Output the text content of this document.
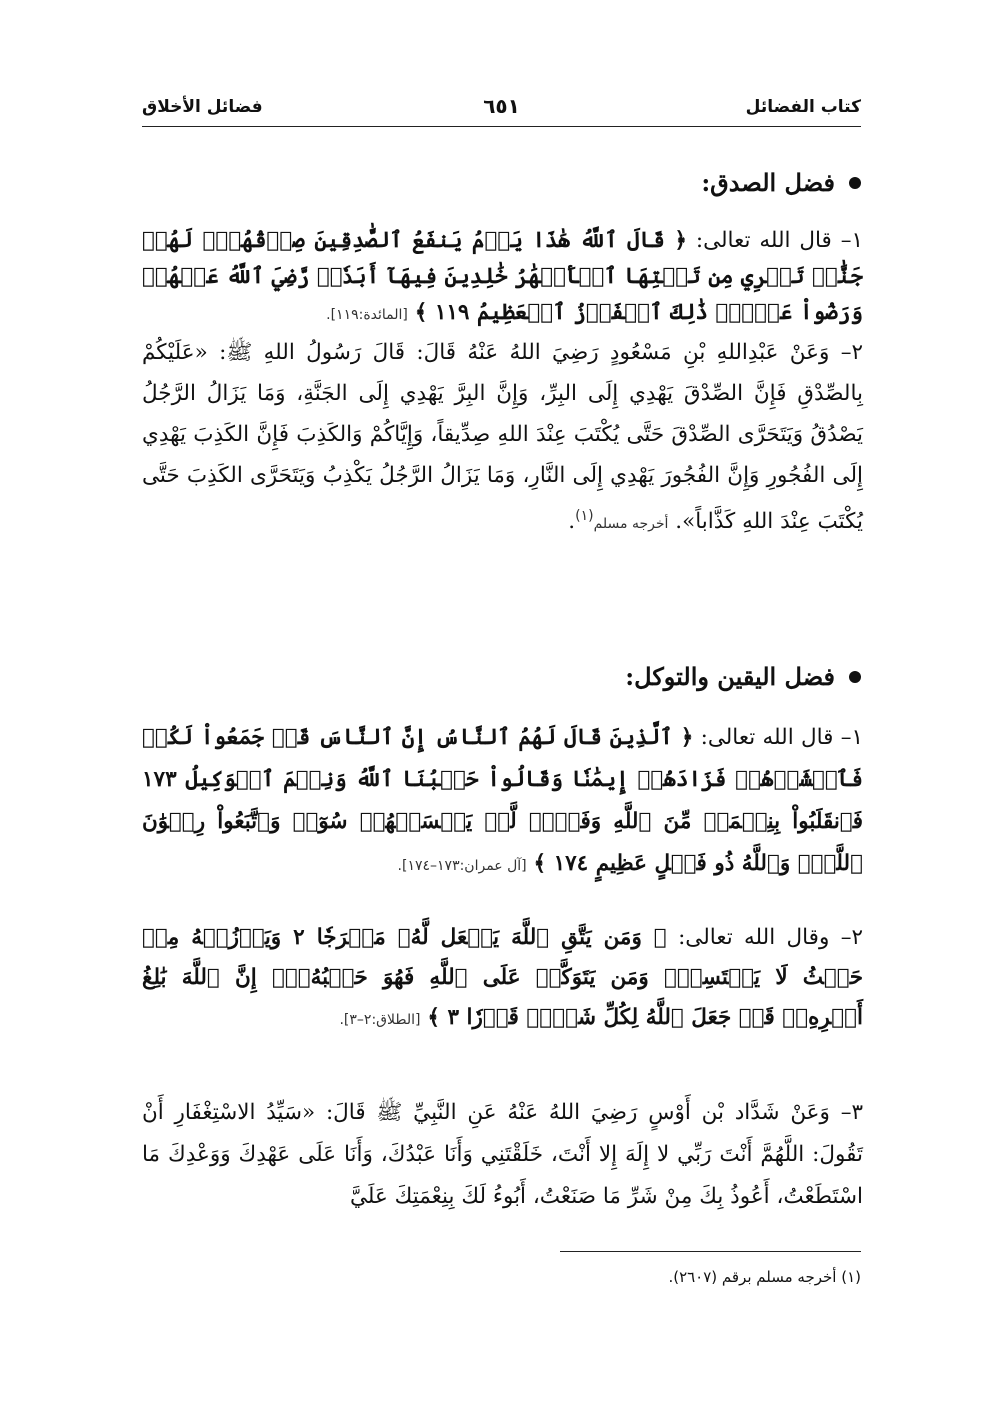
كتاب الفضائل
٦٥١
فضائل الأخلاق
فضل الصدق:
١– قال الله تعالى: ﴿ قَالَ ٱللَّهُ هَٰذَا يَوۡمُ يَنفَعُ ٱلصَّٰدِقِينَ صِدۡقُهُمۡۚ لَهُمۡ جَنَّٰتٞ تَجۡرِي مِن تَحۡتِهَا ٱلۡأَنۡهَٰرُ خَٰلِدِينَ فِيهَآ أَبَدٗاۖ رَّضِيَ ٱللَّهُ عَنۡهُمۡ وَرَضُواْ عَنۡهُۚ ذَٰلِكَ ٱلۡفَوۡزُ ٱلۡعَظِيمُ ١١٩ ﴾ [المائدة:١١٩].
٢– وَعَنْ عَبْدِاللهِ بْنِ مَسْعُودٍ رَضِيَ اللهُ عَنْهُ قَالَ: قَالَ رَسُولُ اللهِ ﷺ: «عَلَيْكُمْ بِالصِّدْقِ فَإِنَّ الصِّدْقَ يَهْدِي إِلَى البِرِّ، وَإِنَّ البِرَّ يَهْدِي إِلَى الجَنَّةِ، وَمَا يَزَالُ الرَّجُلُ يَصْدُقُ وَيَتَحَرَّى الصِّدْقَ حَتَّى يُكْتَبَ عِنْدَ اللهِ صِدِّيقاً، وَإِيَّاكُمْ وَالكَذِبَ فَإِنَّ الكَذِبَ يَهْدِي إِلَى الفُجُورِ وَإِنَّ الفُجُورَ يَهْدِي إِلَى النَّارِ، وَمَا يَزَالُ الرَّجُلُ يَكْذِبُ وَيَتَحَرَّى الكَذِبَ حَتَّى يُكْتَبَ عِنْدَ اللهِ كَذَّاباً». أخرجه مسلم$^{(١)}$.
فضل اليقين والتوكل:
١– قال الله تعالى: ﴿ ٱلَّذِينَ قَالَ لَهُمُ ٱلنَّاسُ إِنَّ ٱلنَّاسَ قَدۡ جَمَعُواْ لَكُمۡ فَٱخۡشَوۡهُمۡ فَزَادَهُمۡ إِيمَٰنٗا وَقَالُواْ حَسۡبُنَا ٱللَّهُ وَنِعۡمَ ٱلۡوَكِيلُ ١٧٣ فَٱنقَلَبُواْ بِنِعۡمَةٖ مِّنَ ٱللَّهِ وَفَضۡلٖ لَّمۡ يَمۡسَسۡهُمۡ سُوٓءٞ وَٱتَّبَعُواْ رِضۡوَٰنَ ٱللَّهِۗ وَٱللَّهُ ذُو فَضۡلٍ عَظِيمٍ ١٧٤ ﴾ [آل عمران:١٧٣–١٧٤].
٢– وقال الله تعالى: ﴿ وَمَن يَتَّقِ ٱللَّهَ يَجۡعَل لَّهُۥ مَخۡرَجٗا ٢ وَيَرۡزُقۡهُ مِنۡ حَيۡثُ لَا يَحۡتَسِبُۚ وَمَن يَتَوَكَّلۡ عَلَى ٱللَّهِ فَهُوَ حَسۡبُهُۥٓۚ إِنَّ ٱللَّهَ بَٰلِغُ أَمۡرِهِۦۚ قَدۡ جَعَلَ ٱللَّهُ لِكُلِّ شَيۡءٖ قَدۡرٗا ٣ ﴾ [الطلاق:٢–٣].
٣– وَعَنْ شَدَّاد بْن أَوْسٍ رَضِيَ اللهُ عَنْهُ عَنِ النَّبِيِّ ﷺ قَالَ: «سَيِّدُ الاسْتِغْفَارِ أَنْ تَقُولَ: اللَّهُمَّ أَنْتَ رَبِّي لا إِلَهَ إِلا أَنْتَ، خَلَقْتَنِي وَأَنَا عَبْدُكَ، وَأَنَا عَلَى عَهْدِكَ وَوَعْدِكَ مَا اسْتَطَعْتُ، أَعُوذُ بِكَ مِنْ شَرِّ مَا صَنَعْتُ، أَبُوءُ لَكَ بِنِعْمَتِكَ عَلَيَّ
(١) أخرجه مسلم برقم (٢٦٠٧).
